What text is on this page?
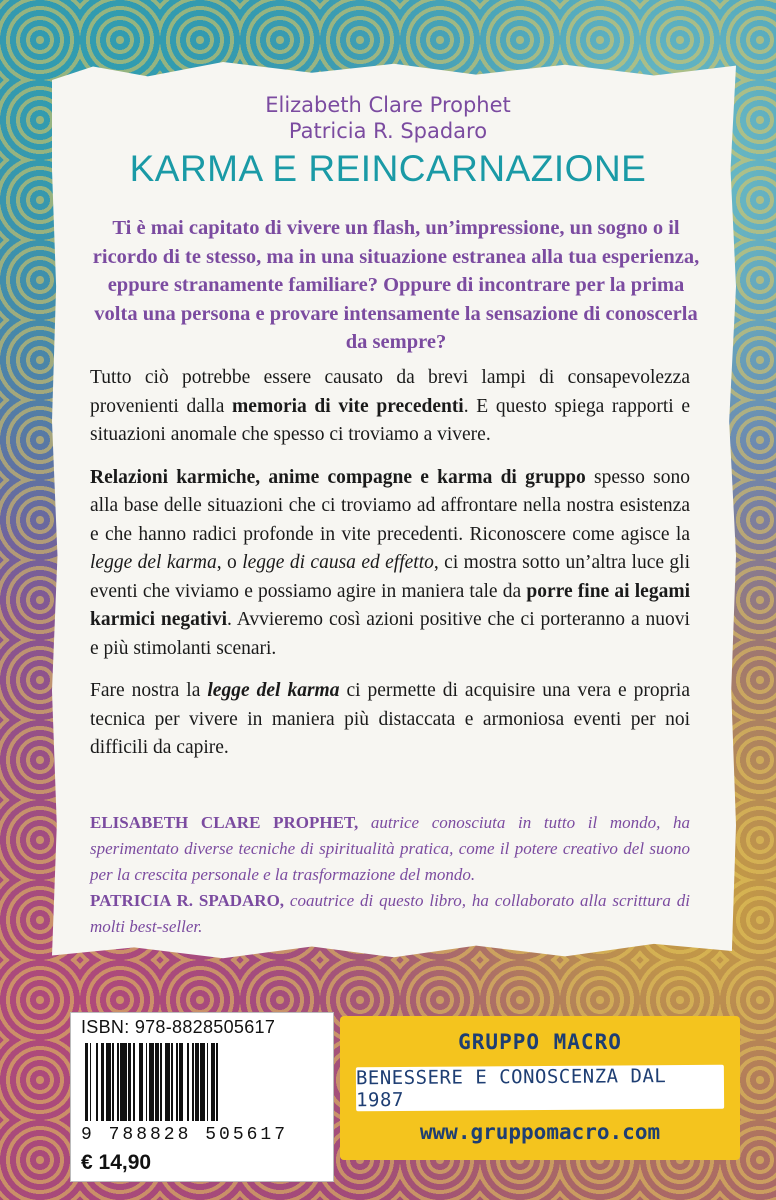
Elizabeth Clare Prophet
Patricia R. Spadaro
KARMA E REINCARNAZIONE
Ti è mai capitato di vivere un flash, un’impressione, un sogno o il ricordo di te stesso, ma in una situazione estranea alla tua esperienza, eppure stranamente familiare? Oppure di incontrare per la prima volta una persona e provare intensamente la sensazione di conoscerla da sempre?

Tutto ciò potrebbe essere causato da brevi lampi di consapevolezza provenienti dalla memoria di vite precedenti. E questo spiega rapporti e situazioni anomale che spesso ci troviamo a vivere.

Relazioni karmiche, anime compagne e karma di gruppo spesso sono alla base delle situazioni che ci troviamo ad affrontare nella nostra esistenza e che hanno radici profonde in vite precedenti. Riconoscere come agisce la legge del karma, o legge di causa ed effetto, ci mostra sotto un’altra luce gli eventi che viviamo e possiamo agire in maniera tale da porre fine ai legami karmici negativi. Avvieremo così azioni positive che ci porteranno a nuovi e più stimolanti scenari.

Fare nostra la legge del karma ci permette di acquisire una vera e propria tecnica per vivere in maniera più distaccata e armoniosa eventi per noi difficili da capire.

ELISABETH CLARE PROPHET, autrice conosciuta in tutto il mondo, ha sperimentato diverse tecniche di spiritualità pratica, come il potere creativo del suono per la crescita personale e la trasformazione del mondo.

PATRICIA R. SPADARO, coautrice di questo libro, ha collaborato alla scrittura di molti best-seller.

ISBN: 978-8828505617
9 788828 505617
€ 14,90
GRUPPO MACRO
BENESSERE E CONOSCENZA DAL 1987
www.gruppomacro.com
